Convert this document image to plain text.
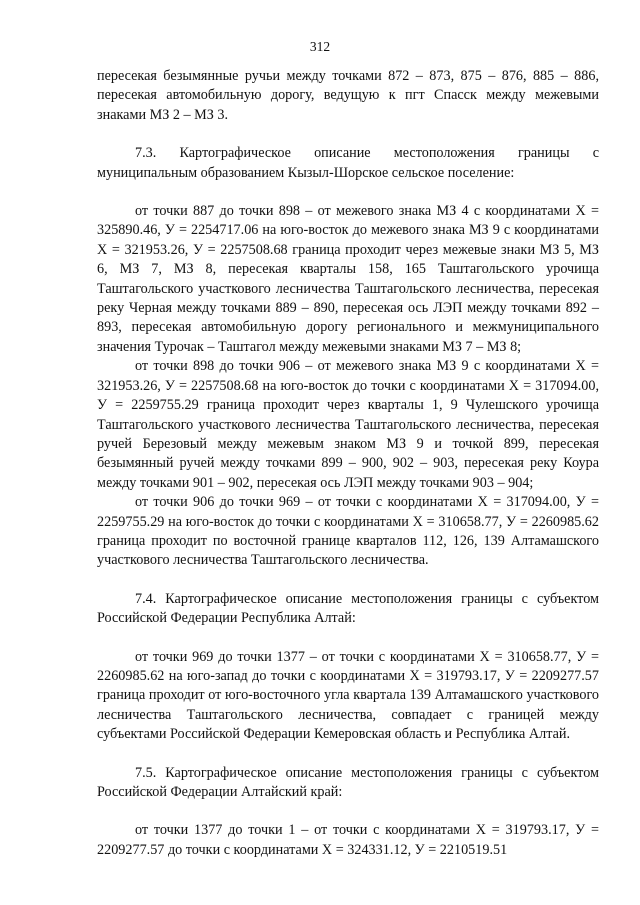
312

пересекая безымянные ручьи между точками 872 – 873, 875 – 876, 885 – 886, пересекая автомобильную дорогу, ведущую к пгт Спасск между межевыми знаками МЗ 2 – МЗ 3.

7.3. Картографическое описание местоположения границы с муниципальным образованием Кызыл-Шорское сельское поселение:

от точки 887 до точки 898 – от межевого знака МЗ 4 с координатами X = 325890.46, У = 2254717.06 на юго-восток до межевого знака МЗ 9 с координатами X = 321953.26, У = 2257508.68 граница проходит через межевые знаки МЗ 5, МЗ 6, МЗ 7, МЗ 8, пересекая кварталы 158, 165 Таштагольского урочища Таштагольского участкового лесничества Таштагольского лесничества, пересекая реку Черная между точками 889 – 890, пересекая ось ЛЭП между точками 892 – 893, пересекая автомобильную дорогу регионального и межмуниципального значения Турочак – Таштагол между межевыми знаками МЗ 7 – МЗ 8;

от точки 898 до точки 906 – от межевого знака МЗ 9 с координатами X = 321953.26, У = 2257508.68 на юго-восток до точки с координатами X = 317094.00, У = 2259755.29 граница проходит через кварталы 1, 9 Чулешского урочища Таштагольского участкового лесничества Таштагольского лесничества, пересекая ручей Березовый между межевым знаком МЗ 9 и точкой 899, пересекая безымянный ручей между точками 899 – 900, 902 – 903, пересекая реку Коура между точками 901 – 902, пересекая ось ЛЭП между точками 903 – 904;

от точки 906 до точки 969 – от точки с координатами X = 317094.00, У = 2259755.29 на юго-восток до точки с координатами X = 310658.77, У = 2260985.62 граница проходит по восточной границе кварталов 112, 126, 139 Алтамашского участкового лесничества Таштагольского лесничества.

7.4. Картографическое описание местоположения границы с субъектом Российской Федерации Республика Алтай:

от точки 969 до точки 1377 – от точки с координатами X = 310658.77, У = 2260985.62 на юго-запад до точки с координатами X = 319793.17, У = 2209277.57 граница проходит от юго-восточного угла квартала 139 Алтамашского участкового лесничества Таштагольского лесничества, совпадает с границей между субъектами Российской Федерации Кемеровская область и Республика Алтай.

7.5. Картографическое описание местоположения границы с субъектом Российской Федерации Алтайский край:

от точки 1377 до точки 1 – от точки с координатами X = 319793.17, У = 2209277.57 до точки с координатами X = 324331.12, У = 2210519.51
